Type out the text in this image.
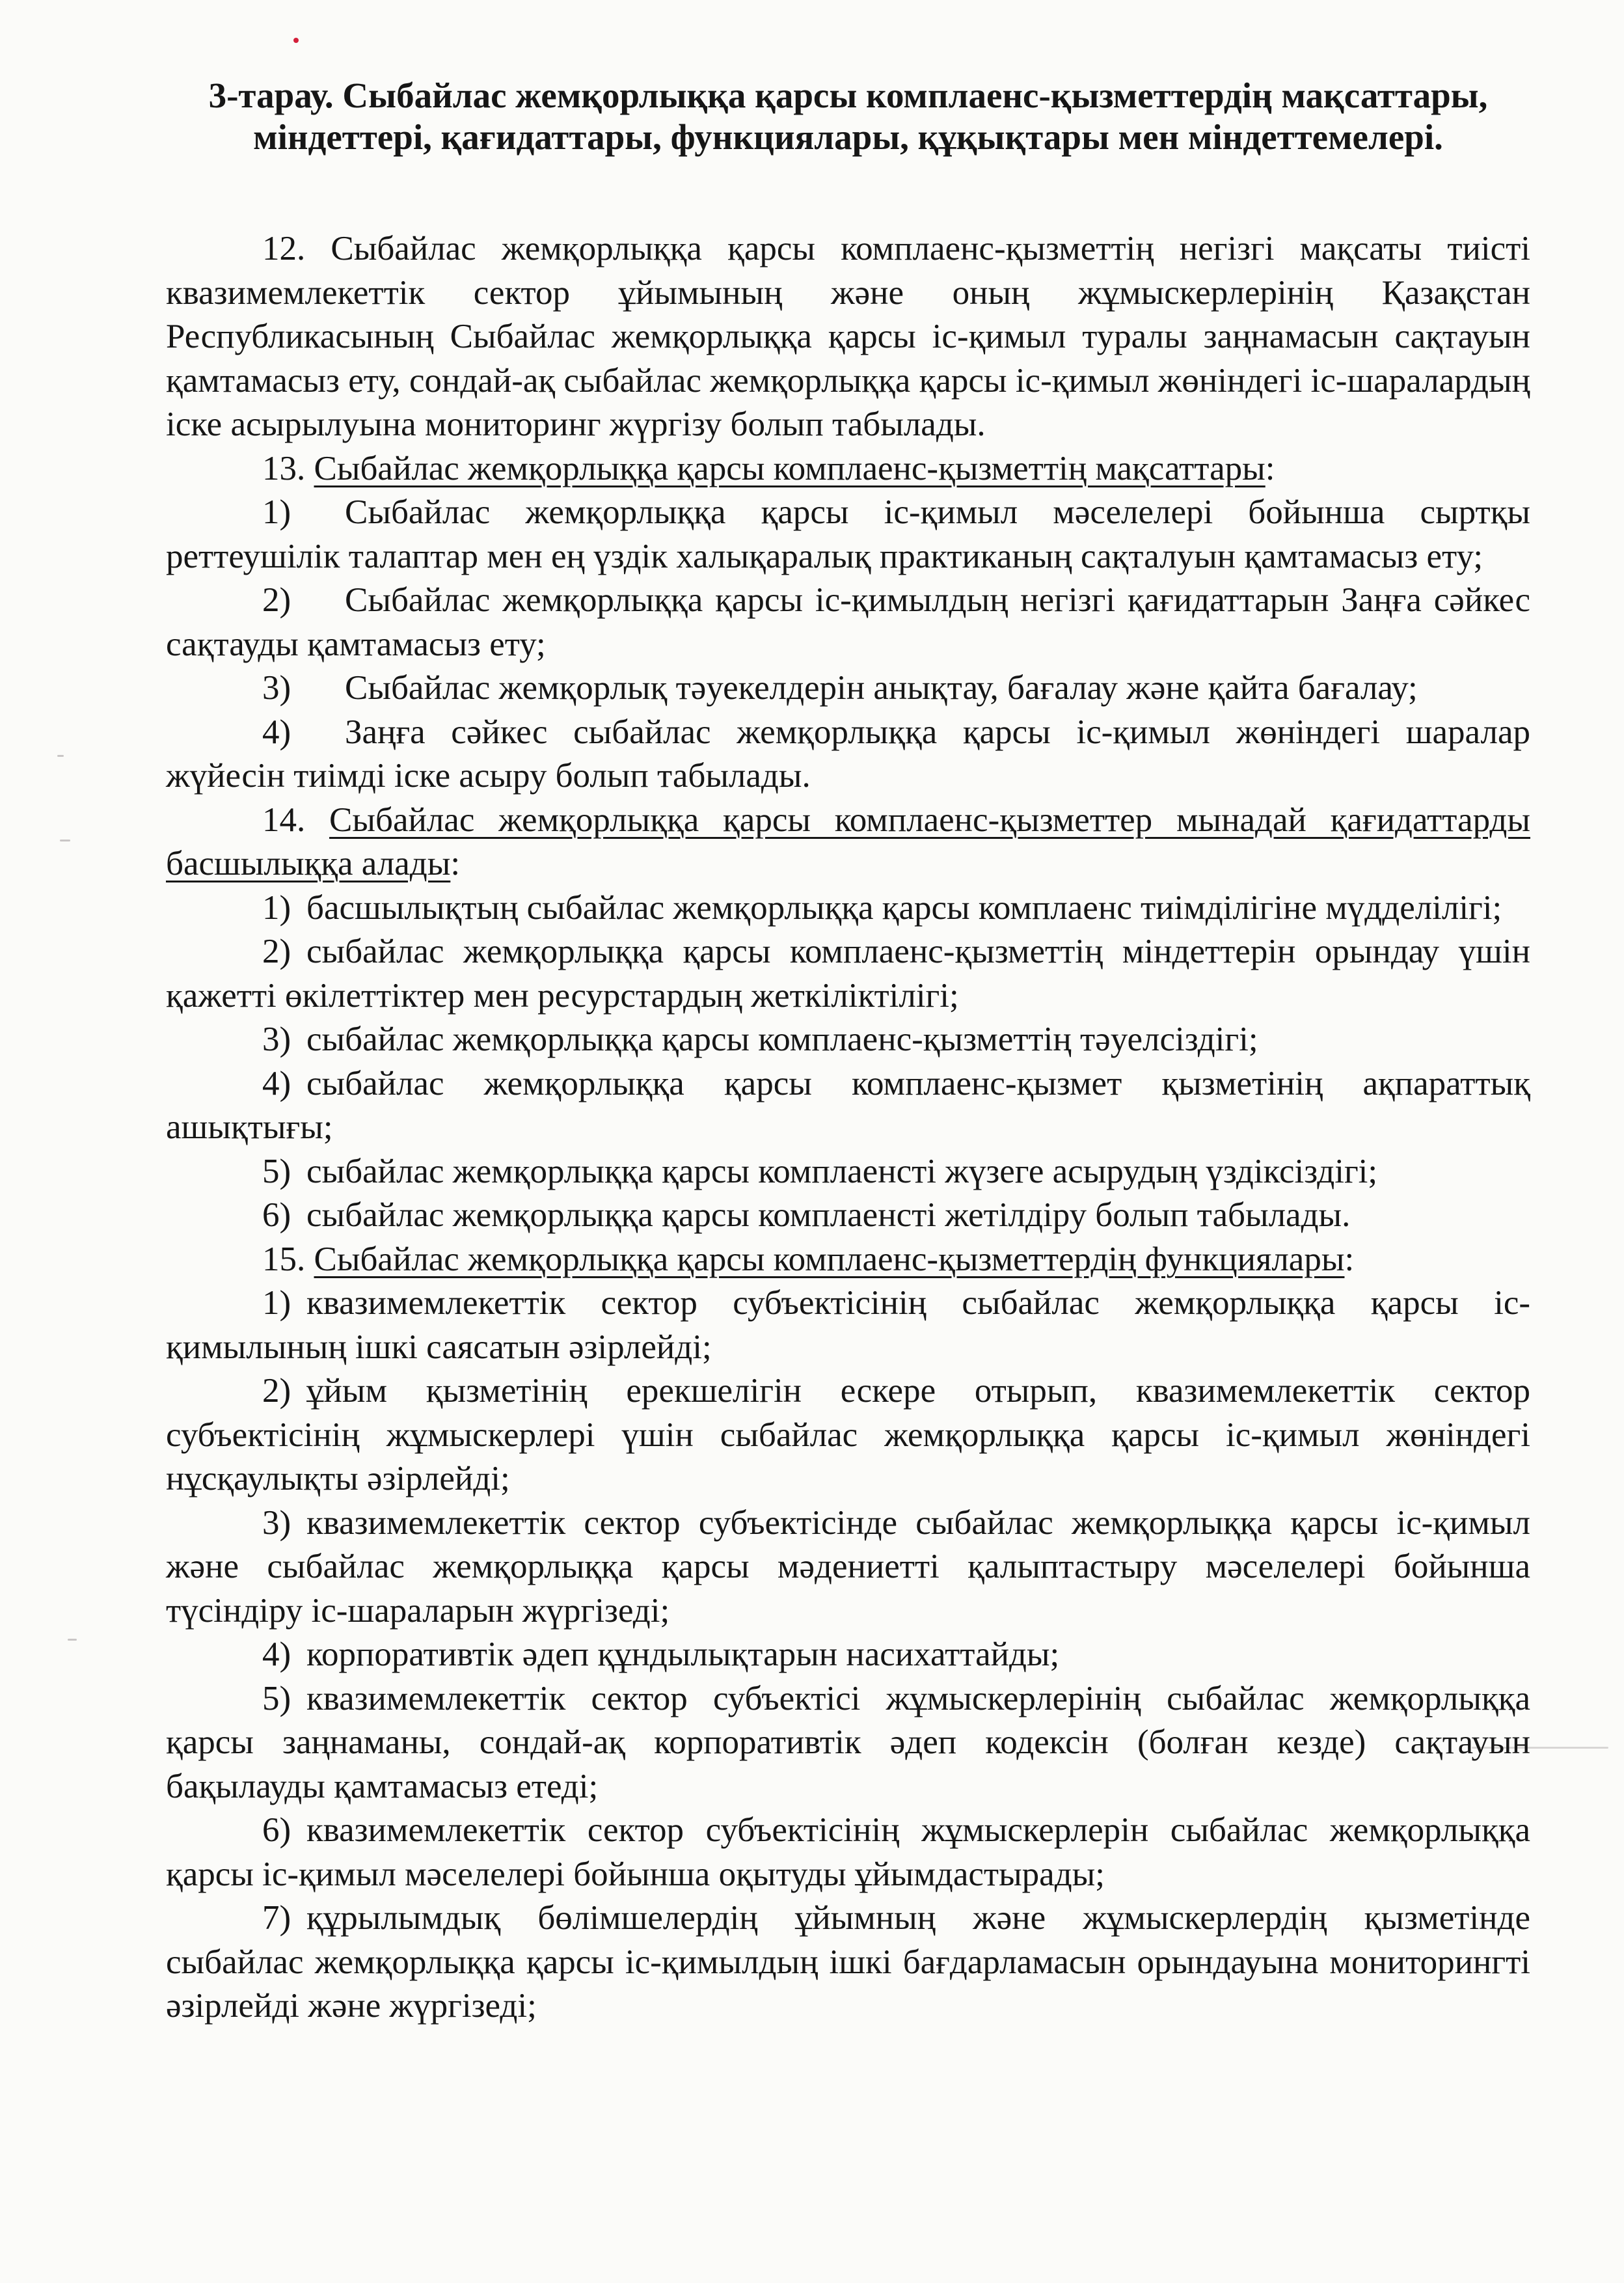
3-тарау. Сыбайлас жемқорлыққа қарсы комплаенс-қызметтердің мақсаттары, міндеттері, қағидаттары, функциялары, құқықтары мен міндеттемелері.

12. Сыбайлас жемқорлыққа қарсы комплаенс-қызметтің негізгі мақсаты тиісті квазимемлекеттік сектор ұйымының және оның жұмыскерлерінің Қазақстан Республикасының Сыбайлас жемқорлыққа қарсы іс-қимыл туралы заңнамасын сақтауын қамтамасыз ету, сондай-ақ сыбайлас жемқорлыққа қарсы іс-қимыл жөніндегі іс-шаралардың іске асырылуына мониторинг жүргізу болып табылады.

13. Сыбайлас жемқорлыққа қарсы комплаенс-қызметтің мақсаттары:

1) Сыбайлас жемқорлыққа қарсы іс-қимыл мәселелері бойынша сыртқы реттеушілік талаптар мен ең үздік халықаралық практиканың сақталуын қамтамасыз ету;

2) Сыбайлас жемқорлыққа қарсы іс-қимылдың негізгі қағидаттарын Заңға сәйкес сақтауды қамтамасыз ету;

3) Сыбайлас жемқорлық тәуекелдерін анықтау, бағалау және қайта бағалау;

4) Заңға сәйкес сыбайлас жемқорлыққа қарсы іс-қимыл жөніндегі шаралар жүйесін тиімді іске асыру болып табылады.

14. Сыбайлас жемқорлыққа қарсы комплаенс-қызметтер мынадай қағидаттарды басшылыққа алады:

1) басшылықтың сыбайлас жемқорлыққа қарсы комплаенс тиімділігіне мүдделілігі;

2) сыбайлас жемқорлыққа қарсы комплаенс-қызметтің міндеттерін орындау үшін қажетті өкілеттіктер мен ресурстардың жеткіліктілігі;

3) сыбайлас жемқорлыққа қарсы комплаенс-қызметтің тәуелсіздігі;

4) сыбайлас жемқорлыққа қарсы комплаенс-қызмет қызметінің ақпараттық ашықтығы;

5) сыбайлас жемқорлыққа қарсы комплаенсті жүзеге асырудың үздіксіздігі;

6) сыбайлас жемқорлыққа қарсы комплаенсті жетілдіру болып табылады.

15. Сыбайлас жемқорлыққа қарсы комплаенс-қызметтердің функциялары:

1) квазимемлекеттік сектор субъектісінің сыбайлас жемқорлыққа қарсы іс-қимылының ішкі саясатын әзірлейді;

2) ұйым қызметінің ерекшелігін ескере отырып, квазимемлекеттік сектор субъектісінің жұмыскерлері үшін сыбайлас жемқорлыққа қарсы іс-қимыл жөніндегі нұсқаулықты әзірлейді;

3) квазимемлекеттік сектор субъектісінде сыбайлас жемқорлыққа қарсы іс-қимыл және сыбайлас жемқорлыққа қарсы мәдениетті қалыптастыру мәселелері бойынша түсіндіру іс-шараларын жүргізеді;

4) корпоративтік әдеп құндылықтарын насихаттайды;

5) квазимемлекеттік сектор субъектісі жұмыскерлерінің сыбайлас жемқорлыққа қарсы заңнаманы, сондай-ақ корпоративтік әдеп кодексін (болған кезде) сақтауын бақылауды қамтамасыз етеді;

6) квазимемлекеттік сектор субъектісінің жұмыскерлерін сыбайлас жемқорлыққа қарсы іс-қимыл мәселелері бойынша оқытуды ұйымдастырады;

7) құрылымдық бөлімшелердің ұйымның және жұмыскерлердің қызметінде сыбайлас жемқорлыққа қарсы іс-қимылдың ішкі бағдарламасын орындауына мониторингті әзірлейді және жүргізеді;
